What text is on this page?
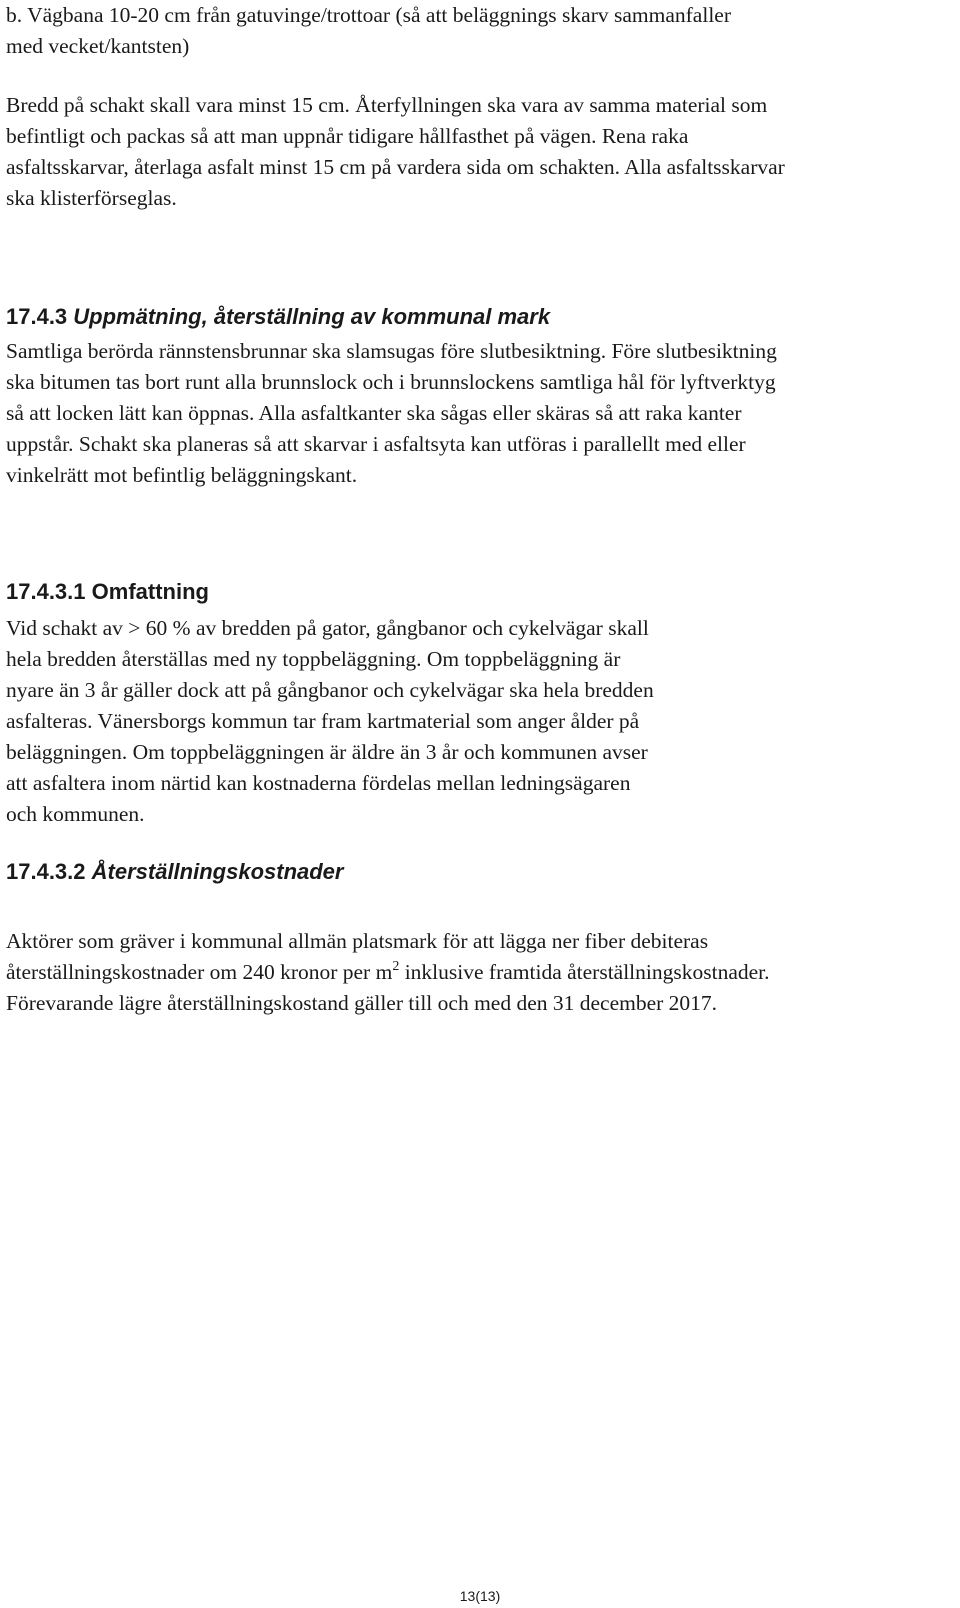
b. Vägbana 10-20 cm från gatuvinge/trottoar (så att beläggnings skarv sammanfaller
med vecket/kantsten)
Bredd på schakt skall vara minst 15 cm. Återfyllningen ska vara av samma material som
befintligt och packas så att man uppnår tidigare hållfasthet på vägen. Rena raka
asfaltsskarvar, återlaga asfalt minst 15 cm på vardera sida om schakten. Alla asfaltsskarvar
ska klisterförseglas.
17.4.3 Uppmätning, återställning av kommunal mark
Samtliga berörda rännstensbrunnar ska slamsugas före slutbesiktning. Före slutbesiktning
ska bitumen tas bort runt alla brunnslock och i brunnslockens samtliga hål för lyftverktyg
så att locken lätt kan öppnas. Alla asfaltkanter ska sågas eller skäras så att raka kanter
uppstår. Schakt ska planeras så att skarvar i asfaltsyta kan utföras i parallellt med eller
vinkelrätt mot befintlig beläggningskant.
17.4.3.1 Omfattning
Vid schakt av > 60 % av bredden på gator, gångbanor och cykelvägar skall
hela bredden återställas med ny toppbeläggning. Om toppbeläggning är
nyare än 3 år gäller dock att på gångbanor och cykelvägar ska hela bredden
asfalteras. Vänersborgs kommun tar fram kartmaterial som anger ålder på
beläggningen. Om toppbeläggningen är äldre än 3 år och kommunen avser
att asfaltera inom närtid kan kostnaderna fördelas mellan ledningsägaren
och kommunen.
17.4.3.2 Återställningskostnader
Aktörer som gräver i kommunal allmän platsmark för att lägga ner fiber debiteras
återställningskostnader om 240 kronor per $m^2$ inklusive framtida återställningskostnader.
Förevarande lägre återställningskostand gäller till och med den 31 december 2017.
13(13)
